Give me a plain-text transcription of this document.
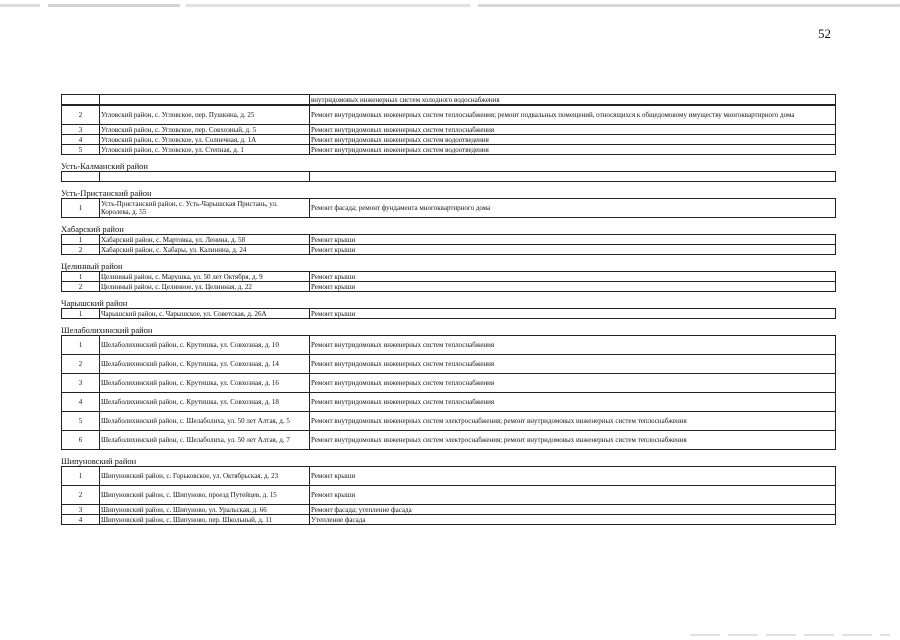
52
		внутридомовых инженерных систем холодного водоснабжения
2	Угловский район, с. Угловское, пер. Пушкина, д. 25	Ремонт внутридомовых инженерных систем теплоснабжения; ремонт подвальных помещений, относящихся к общедомовому имуществу многоквартирного дома
3	Угловский район, с. Угловское, пер. Совхозный, д. 5	Ремонт внутридомовых инженерных систем теплоснабжения
4	Угловский район, с. Угловское, ул. Солнечная, д. 1А	Ремонт внутридомовых инженерных систем водоотведения
5	Угловский район, с. Угловское, ул. Степная, д. 1	Ремонт внутридомовых инженерных систем водоотведения
Усть-Калманский район

Усть-Пристанский район
1	Усть-Пристанский район, с. Усть-Чарышская Пристань, ул. Королева, д. 55	Ремонт фасада; ремонт фундамента многоквартирного дома
Хабарский район
1	Хабарский район, с. Мартовка, ул. Ленина, д. 58	Ремонт крыши
2	Хабарский район, с. Хабары, ул. Калинина, д. 24	Ремонт крыши
Целинный район
1	Целинный район, с. Марушка, ул. 50 лет Октября, д. 9	Ремонт крыши
2	Целинный район, с. Целинное, ул. Целинная, д. 22	Ремонт крыши
Чарышский район
1	Чарышский район, с. Чарышское, ул. Советская, д. 26А	Ремонт крыши
Шелаболихинский район
1	Шелаболихинский район, с. Крутишка, ул. Совхозная, д. 10	Ремонт внутридомовых инженерных систем теплоснабжения
2	Шелаболихинский район, с. Крутишка, ул. Совхозная, д. 14	Ремонт внутридомовых инженерных систем теплоснабжения
3	Шелаболихинский район, с. Крутишка, ул. Совхозная, д. 16	Ремонт внутридомовых инженерных систем теплоснабжения
4	Шелаболихинский район, с. Крутишка, ул. Совхозная, д. 18	Ремонт внутридомовых инженерных систем теплоснабжения
5	Шелаболихинский район, с. Шелаболиха, ул. 50 лет Алтая, д. 5	Ремонт внутридомовых инженерных систем электроснабжения; ремонт внутридомовых инженерных систем теплоснабжения
6	Шелаболихинский район, с. Шелаболиха, ул. 50 лет Алтая, д. 7	Ремонт внутридомовых инженерных систем электроснабжения; ремонт внутридомовых инженерных систем теплоснабжения
Шипуновский район
1	Шипуновский район, с. Горьковское, ул. Октябрьская, д. 23	Ремонт крыши
2	Шипуновский район, с. Шипуново, проезд Путейцев, д. 15	Ремонт крыши
3	Шипуновский район, с. Шипуново, ул. Уральская, д. 66	Ремонт фасада; утепление фасада
4	Шипуновский район, с. Шипуново, пер. Школьный, д. 11	Утепление фасада
